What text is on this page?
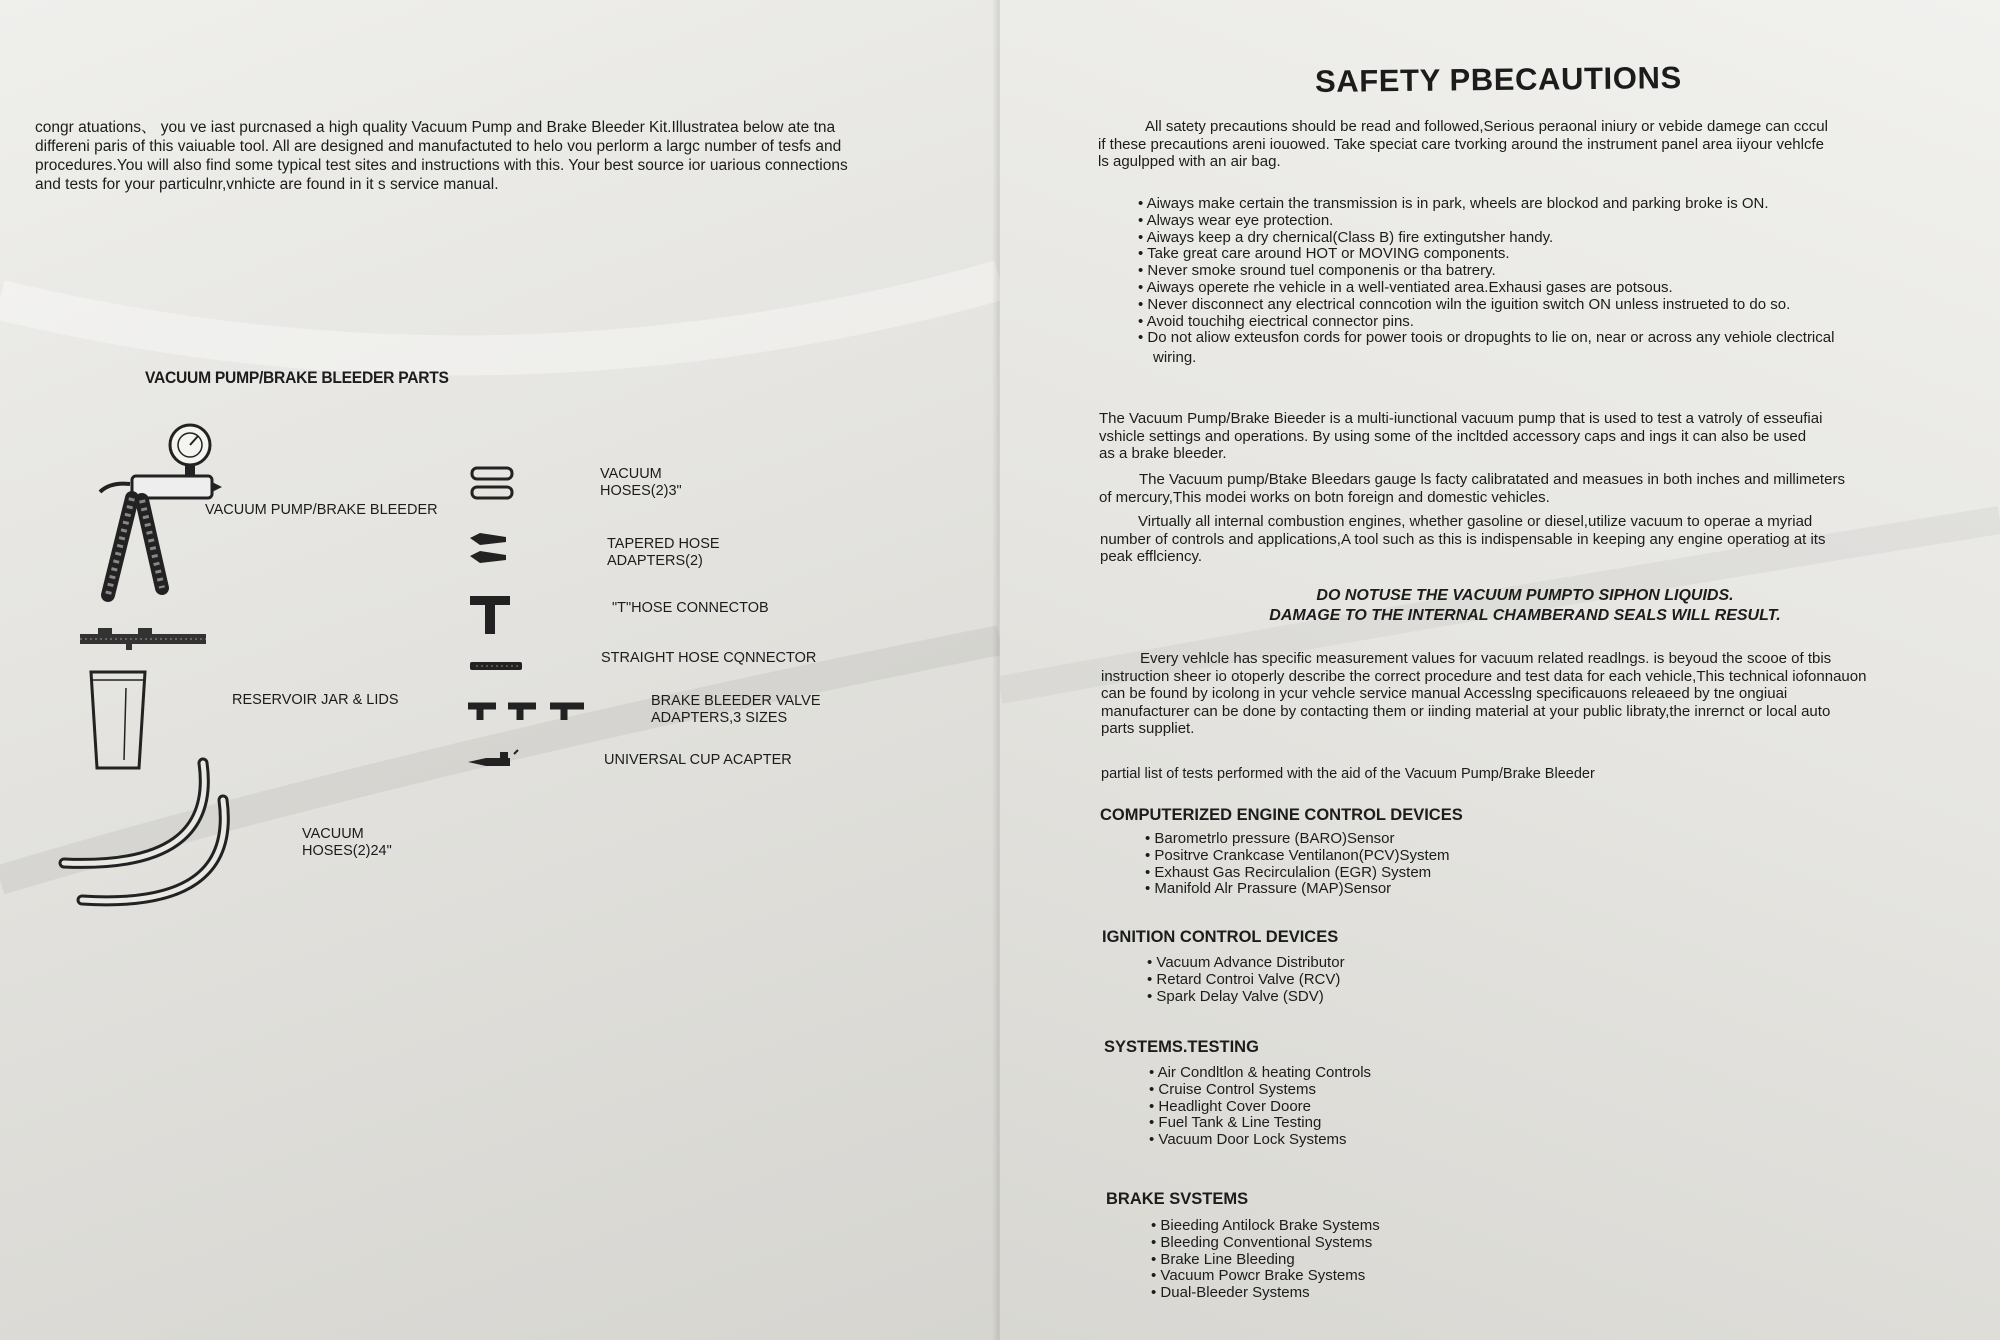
congr atuations、 you ve iast purcnased a high quality Vacuum Pump and Brake Bleeder Kit.Illustratea below ate tna

differeni paris of this vaiuable tool. All are designed and manufactuted to helo vou perlorm a largc number of tesfs and

procedures.You will also find some typical test sites and instructions with this. Your best source ior uarious connections

and tests for your particulnr,vnhicte are found in it s service manual.

VACUUM PUMP/BRAKE BLEEDER PARTS
VACUUM PUMP/BRAKE BLEEDER
RESERVOIR JAR & LIDS
VACUUM
HOSES(2)24"
VACUUM
HOSES(2)3"
TAPERED HOSE
ADAPTERS(2)
"T"HOSE CONNECTOB
STRAIGHT HOSE CQNNECTOR
BRAKE BLEEDER VALVE
ADAPTERS,3 SIZES
UNIVERSAL CUP ACAPTER
SAFETY PBECAUTIONS

All satety precautions should be read and followed,Serious peraonal iniury or vebide damege can cccul

if these precautions areni iouowed. Take speciat care tvorking around the instrument panel area iiyour vehlcfe

ls agulpped with an air bag.

• Aiways make certain the transmission is in park, wheels are blockod and parking broke is ON.
• Always wear eye protection.
• Aiways keep a dry chernical(Class B) fire extingutsher handy.
• Take great care around HOT or MOVING components.
• Never smoke sround tuel componenis or tha batrery.
• Aiways operete rhe vehicle in a well-ventiated area.Exhausi gases are potsous.
• Never disconnect any electrical conncotion wiln the iguition switch ON unless instrueted to do so.
• Avoid touchihg eiectrical connector pins.
• Do not aliow exteusfon cords for power toois or dropughts to lie on, near or across any vehiole clectrical
wiring.

The Vacuum Pump/Brake Bieeder is a multi-iunctional vacuum pump that is used to test a vatroly of esseufiai

vshicle settings and operations. By using some of the incltded accessory caps and ings it can also be used

as a brake bleeder.

The Vacuum pump/Btake Bleedars gauge ls facty calibratated and measues in both inches and millimeters

of mercury,This modei works on botn foreign and domestic vehicles.

Virtually all internal combustion engines, whether gasoline or diesel,utilize vacuum to operae a myriad

number of controls and applications,A tool such as this is indispensable in keeping any engine operatiog at its

peak efflciency.

DO NOTUSE THE VACUUM PUMPTO SIPHON LIQUIDS.
DAMAGE TO THE INTERNAL CHAMBERAND SEALS WILL RESULT.

Every vehlcle has specific measurement values for vacuum related readlngs. is beyoud the scooe of tbis

instruction sheer io otoperly describe the correct procedure and test data for each vehicle,This technical iofonnauon

can be found by icolong in ycur vehcle service manual Accesslng specificauons releaeed by tne ongiuai

manufacturer can be done by contacting them or iinding material at your public libraty,the inrernct or local auto

parts suppliet.

partial list of tests performed with the aid of the Vacuum Pump/Brake Bleeder
COMPUTERIZED ENGINE CONTROL DEVICES
• Barometrlo pressure (BARO)Sensor
• Positrve Crankcase Ventilanon(PCV)System
• Exhaust Gas Recirculalion (EGR) System
• Manifold Alr Prassure (MAP)Sensor
IGNITION CONTROL DEVICES
• Vacuum Advance Distributor
• Retard Controi Valve (RCV)
• Spark Delay Valve (SDV)
SYSTEMS.TESTING
• Air Condltlon & heating Controls
• Cruise Control Systems
• Headlight Cover Doore
• Fuel Tank & Line Testing
• Vacuum Door Lock Systems
BRAKE SVSTEMS
• Bieeding Antilock Brake Systems
• Bleeding Conventional Systems
• Brake Line Bleeding
• Vacuum Powcr Brake Systems
• Dual-Bleeder Systems
